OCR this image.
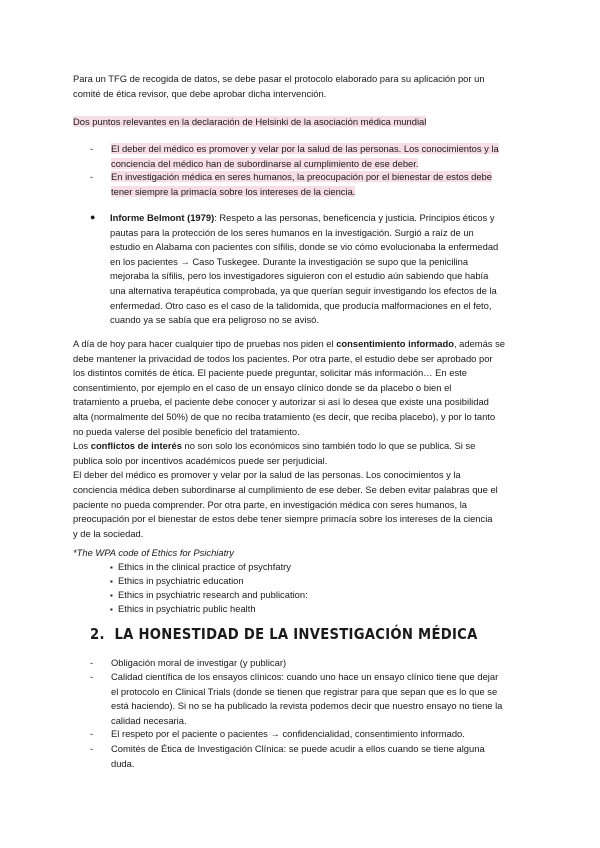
Para un TFG de recogida de datos, se debe pasar el protocolo elaborado para su aplicación por un

comité de ética revisor, que debe aprobar dicha intervención.

Dos puntos relevantes en la declaración de Helsinki de la asociación médica mundial

- El deber del médico es promover y velar por la salud de las personas. Los conocimientos y la
conciencia del médico han de subordinarse al cumplimiento de ese deber.
- En investigación médica en seres humanos, la preocupación por el bienestar de estos debe
tener siempre la primacía sobre los intereses de la ciencia.
● Informe Belmont (1979): Respeto a las personas, beneficencia y justicia. Principios éticos y
pautas para la protección de los seres humanos en la investigación. Surgió a raíz de un
estudio en Alabama con pacientes con sífilis, donde se vio cómo evolucionaba la enfermedad
en los pacientes → Caso Tuskegee. Durante la investigación se supo que la penicilina
mejoraba la sífilis, pero los investigadores siguieron con el estudio aún sabiendo que había
una alternativa terapéutica comprobada, ya que querían seguir investigando los efectos de la
enfermedad. Otro caso es el caso de la talidomida, que producía malformaciones en el feto,
cuando ya se sabía que era peligroso no se avisó.
A día de hoy para hacer cualquier tipo de pruebas nos piden el consentimiento informado, además se
debe mantener la privacidad de todos los pacientes. Por otra parte, el estudio debe ser aprobado por
los distintos comités de ética. El paciente puede preguntar, solicitar más información… En este
consentimiento, por ejemplo en el caso de un ensayo clínico donde se da placebo o bien el
tratamiento a prueba, el paciente debe conocer y autorizar si así lo desea que existe una posibilidad
alta (normalmente del 50%) de que no reciba tratamiento (es decir, que reciba placebo), y por lo tanto
no pueda valerse del posible beneficio del tratamiento.
Los conflictos de interés no son solo los económicos sino también todo lo que se publica. Si se
publica solo por incentivos académicos puede ser perjudicial.
El deber del médico es promover y velar por la salud de las personas. Los conocimientos y la
conciencia médica deben subordinarse al cumplimiento de ese deber. Se deben evitar palabras que el
paciente no pueda comprender. Por otra parte, en investigación médica con seres humanos, la
preocupación por el bienestar de estos debe tener siempre primacía sobre los intereses de la ciencia
y de la sociedad.

*The WPA code of Ethics for Psichiatry

▪ Ethics in the clinical practice of psychfatry

▪ Ethics in psychiatric education

▪ Ethics in psychiatric research and publication:

▪ Ethics in psychiatric public health

2. LA HONESTIDAD DE LA INVESTIGACIÓN MÉDICA
- Obligación moral de investigar (y publicar)
- Calidad científica de los ensayos clínicos: cuando uno hace un ensayo clínico tiene que dejar
el protocolo en Clinical Trials (donde se tienen que registrar para que sepan que es lo que se
está haciendo). Si no se ha publicado la revista podemos decir que nuestro ensayo no tiene la
calidad necesaria.
- El respeto por el paciente o pacientes → confidencialidad, consentimiento informado.
- Comités de Ética de Investigación Clínica: se puede acudir a ellos cuando se tiene alguna
duda.
